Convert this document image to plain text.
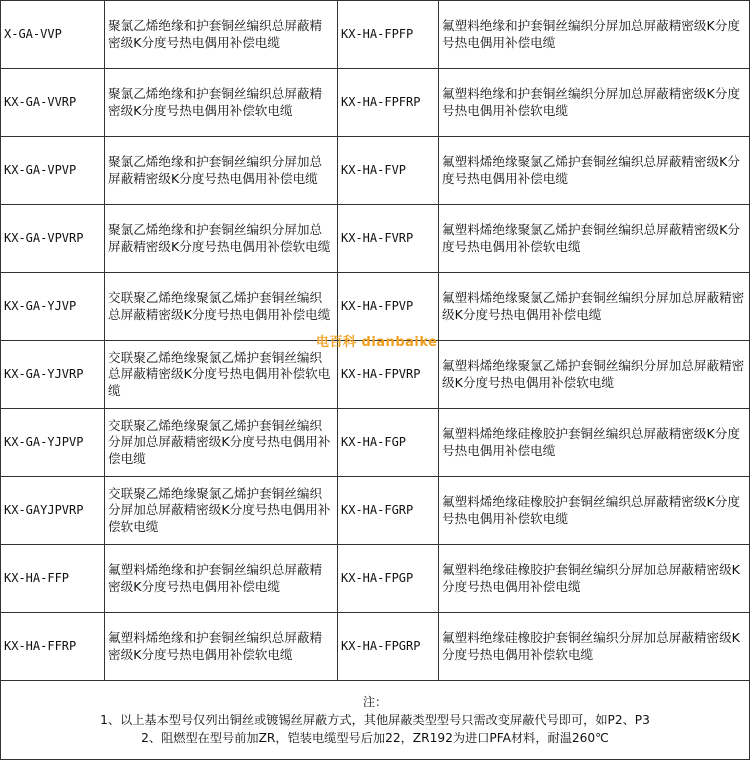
X-GA-VVP	聚氯乙烯绝缘和护套铜丝编织总屏蔽精密级K分度号热电偶用补偿电缆	KX-HA-FPFP	氟塑料绝缘和护套铜丝编织分屏加总屏蔽精密级K分度号热电偶用补偿电缆
KX-GA-VVRP	聚氯乙烯绝缘和护套铜丝编织总屏蔽精密级K分度号热电偶用补偿软电缆	KX-HA-FPFRP	氟塑料绝缘和护套铜丝编织分屏加总屏蔽精密级K分度号热电偶用补偿软电缆
KX-GA-VPVP	聚氯乙烯绝缘和护套铜丝编织分屏加总屏蔽精密级K分度号热电偶用补偿电缆	KX-HA-FVP	氟塑料烯绝缘聚氯乙烯护套铜丝编织总屏蔽精密级K分度号热电偶用补偿电缆
KX-GA-VPVRP	聚氯乙烯绝缘和护套铜丝编织分屏加总屏蔽精密级K分度号热电偶用补偿软电缆	KX-HA-FVRP	氟塑料烯绝缘聚氯乙烯护套铜丝编织总屏蔽精密级K分度号热电偶用补偿软电缆
KX-GA-YJVP	交联聚乙烯绝缘聚氯乙烯护套铜丝编织总屏蔽精密级K分度号热电偶用补偿电缆	KX-HA-FPVP	氟塑料烯绝缘聚氯乙烯护套铜丝编织分屏加总屏蔽精密级K分度号热电偶用补偿电缆
KX-GA-YJVRP	交联聚乙烯绝缘聚氯乙烯护套铜丝编织总屏蔽精密级K分度号热电偶用补偿软电缆	KX-HA-FPVRP	氟塑料烯绝缘聚氯乙烯护套铜丝编织分屏加总屏蔽精密级K分度号热电偶用补偿软电缆
KX-GA-YJPVP	交联聚乙烯绝缘聚氯乙烯护套铜丝编织分屏加总屏蔽精密级K分度号热电偶用补偿电缆	KX-HA-FGP	氟塑料烯绝缘硅橡胶护套铜丝编织总屏蔽精密级K分度号热电偶用补偿电缆
KX-GAYJPVRP	交联聚乙烯绝缘聚氯乙烯护套铜丝编织分屏加总屏蔽精密级K分度号热电偶用补偿软电缆	KX-HA-FGRP	氟塑料烯绝缘硅橡胶护套铜丝编织总屏蔽精密级K分度号热电偶用补偿软电缆
KX-HA-FFP	氟塑料烯绝缘和护套铜丝编织总屏蔽精密级K分度号热电偶用补偿电缆	KX-HA-FPGP	氟塑料绝缘硅橡胶护套铜丝编织分屏加总屏蔽精密级K分度号热电偶用补偿电缆
KX-HA-FFRP	氟塑料烯绝缘和护套铜丝编织总屏蔽精密级K分度号热电偶用补偿软电缆	KX-HA-FPGRP	氟塑料绝缘硅橡胶护套铜丝编织分屏加总屏蔽精密级K分度号热电偶用补偿软电缆

注：
1、以上基本型号仅列出铜丝或镀锡丝屏蔽方式，其他屏蔽类型型号只需改变屏蔽代号即可，如P2、P3
2、阻燃型在型号前加ZR，铠装电缆型号后加22，ZR192为进口PFA材料，耐温260℃			
电百科 dianbaike
